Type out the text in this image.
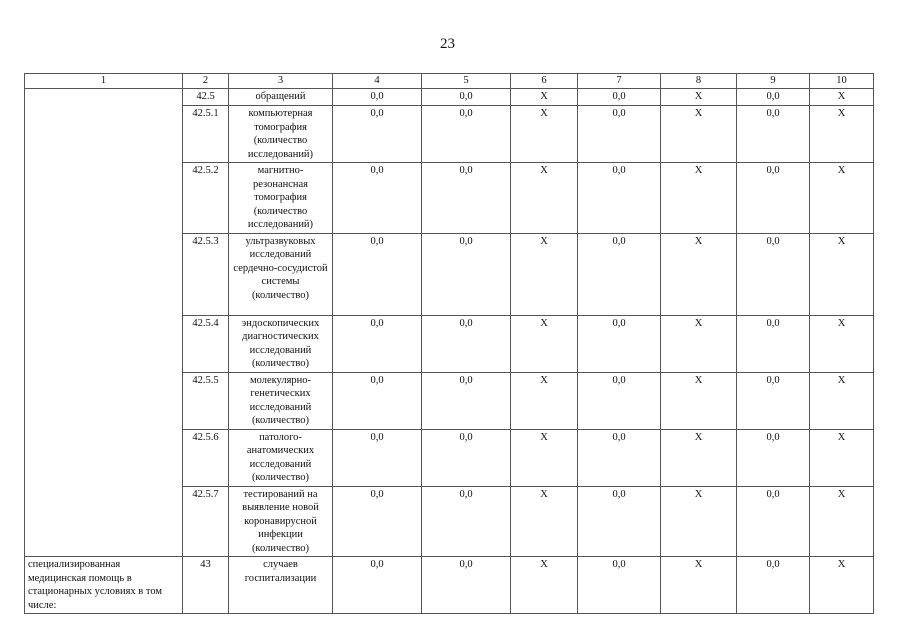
23
1	2	3	4	5	6	7	8	9	10
	42.5	обращений	0,0	0,0	X	0,0	X	0,0	X
	42.5.1	компьютерная томография (количество исследований)	0,0	0,0	X	0,0	X	0,0	X
	42.5.2	магнитно-резонансная томография (количество исследований)	0,0	0,0	X	0,0	X	0,0	X
	42.5.3	ультразвуковых исследований сердечно-сосудистой системы (количество)	0,0	0,0	X	0,0	X	0,0	X
	42.5.4	эндоскопических диагностических исследований (количество)	0,0	0,0	X	0,0	X	0,0	X
	42.5.5	молекулярно-генетических исследований (количество)	0,0	0,0	X	0,0	X	0,0	X
	42.5.6	патолого-анатомических исследований (количество)	0,0	0,0	X	0,0	X	0,0	X
	42.5.7	тестирований на выявление новой коронавирусной инфекции (количество)	0,0	0,0	X	0,0	X	0,0	X
специализированная медицинская помощь в стационарных условиях в том числе:	43	случаев госпитализации	0,0	0,0	X	0,0	X	0,0	X
